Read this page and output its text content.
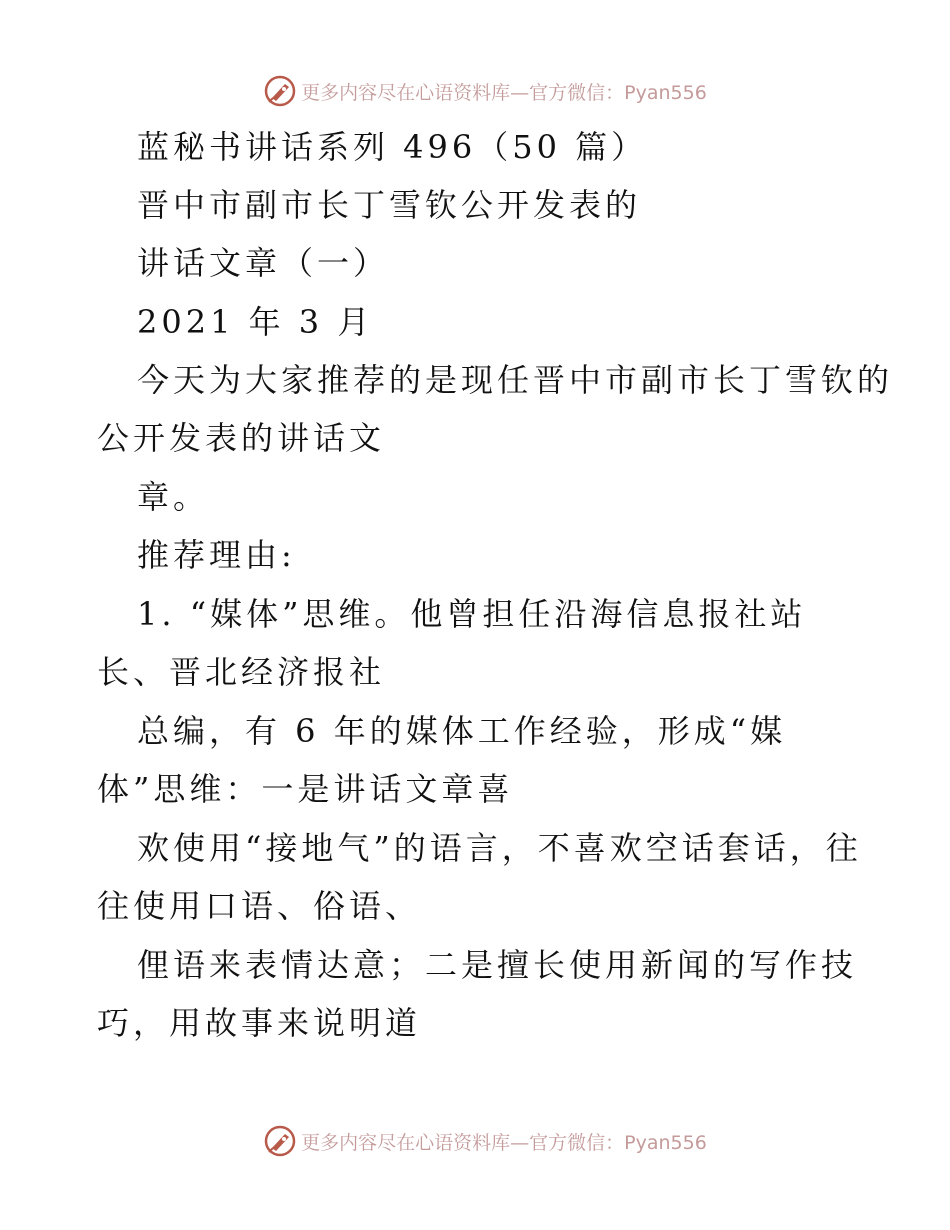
更多内容尽在心语资料库—官方微信：Pyan556
蓝秘书讲话系列 496（50 篇）
晋中市副市长丁雪钦公开发表的
讲话文章（一）
2021 年 3 月
今天为大家推荐的是现任晋中市副市长丁雪钦的
公开发表的讲话文
章。
推荐理由:
1. “媒体”思维。他曾担任沿海信息报社站
长、晋北经济报社
总编，有 6 年的媒体工作经验，形成“媒
体”思维：一是讲话文章喜
欢使用“接地气”的语言，不喜欢空话套话，往
往使用口语、俗语、
俚语来表情达意；二是擅长使用新闻的写作技
巧，用故事来说明道
更多内容尽在心语资料库—官方微信：Pyan556
